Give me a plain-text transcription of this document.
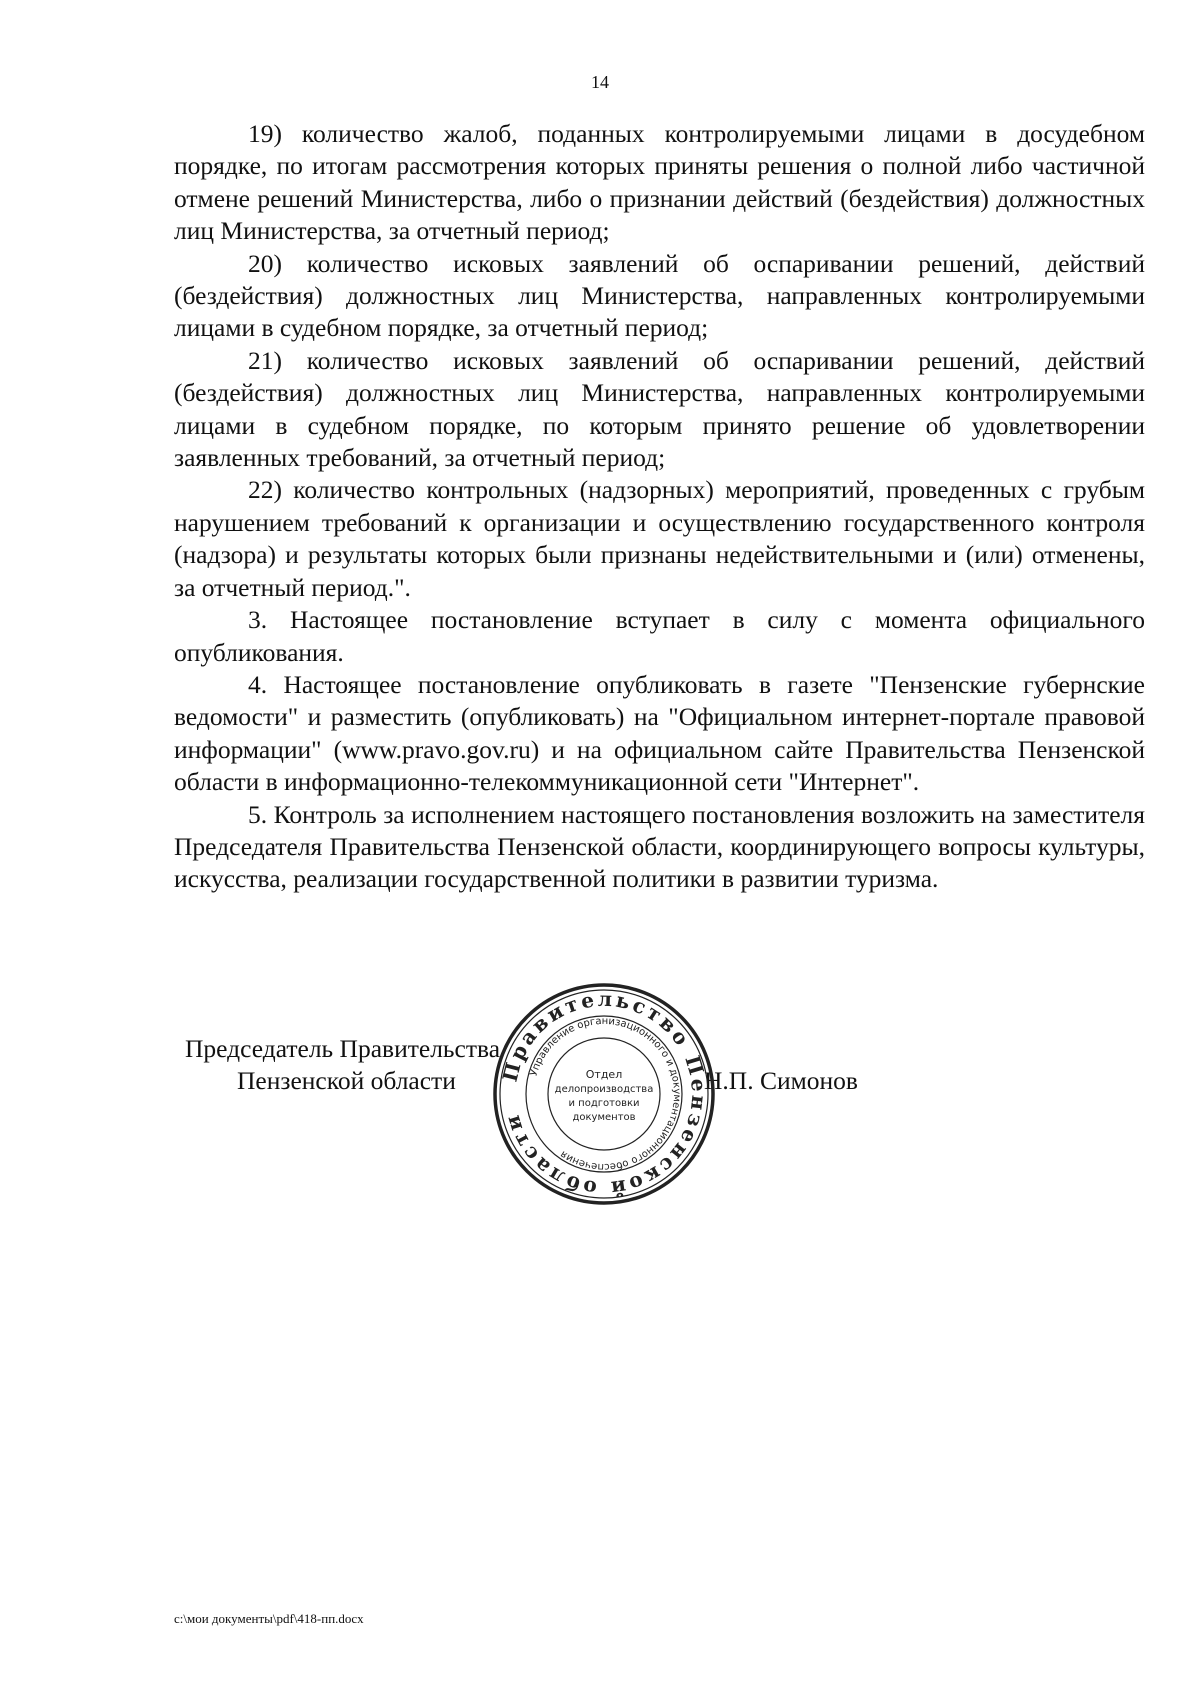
14

19) количество жалоб, поданных контролируемыми лицами в досудебном порядке, по итогам рассмотрения которых приняты решения о полной либо частичной отмене решений Министерства, либо о признании действий (бездействия) должностных лиц Министерства, за отчетный период;

20) количество исковых заявлений об оспаривании решений, действий (бездействия) должностных лиц Министерства, направленных контролируемыми лицами в судебном порядке, за отчетный период;

21) количество исковых заявлений об оспаривании решений, действий (бездействия) должностных лиц Министерства, направленных контролируемыми лицами в судебном порядке, по которым принято решение об удовлетворении заявленных требований, за отчетный период;

22) количество контрольных (надзорных) мероприятий, проведенных с грубым нарушением требований к организации и осуществлению государственного контроля (надзора) и результаты которых были признаны недействительными и (или) отменены, за отчетный период.".

3. Настоящее постановление вступает в силу с момента официального опубликования.

4. Настоящее постановление опубликовать в газете "Пензенские губернские ведомости" и разместить (опубликовать) на "Официальном интернет-портале правовой информации" (www.pravo.gov.ru) и на официальном сайте Правительства Пензенской области в информационно-телекоммуникационной сети "Интернет".

5. Контроль за исполнением настоящего постановления возложить на заместителя Председателя Правительства Пензенской области, координирующего вопросы культуры, искусства, реализации государственной политики в развитии туризма.

Председатель Правительства
Пензенской области	Н.П. Симонов
Правительство Пензенской области
Управление организационного и документационного обеспечения
Отдел
делопроизводства
и подготовки
документов
c:\мои документы\pdf\418-пп.docx
